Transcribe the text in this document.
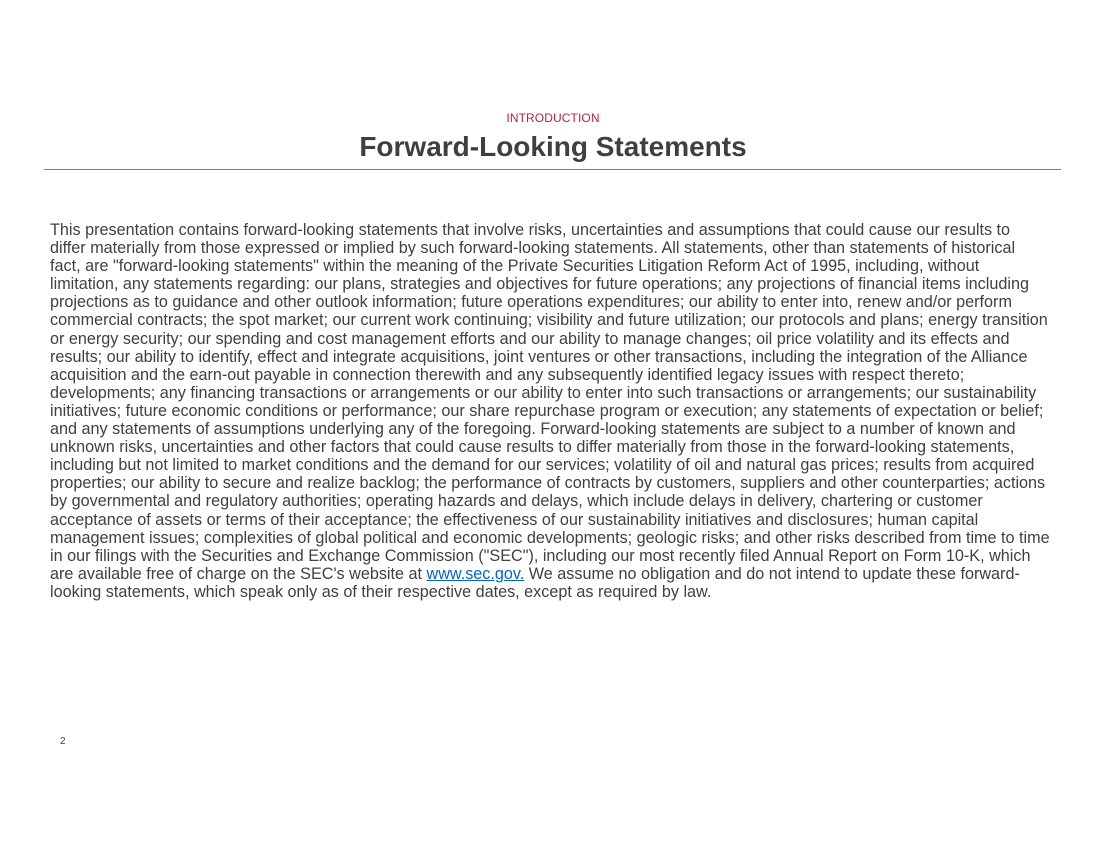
INTRODUCTION
Forward-Looking Statements

This presentation contains forward-looking statements that involve risks, uncertainties and assumptions that could cause our results to differ materially from those expressed or implied by such forward-looking statements. All statements, other than statements of historical fact, are "forward-looking statements" within the meaning of the Private Securities Litigation Reform Act of 1995, including, without limitation, any statements regarding: our plans, strategies and objectives for future operations; any projections of financial items including projections as to guidance and other outlook information; future operations expenditures; our ability to enter into, renew and/or perform commercial contracts; the spot market; our current work continuing; visibility and future utilization; our protocols and plans; energy transition or energy security; our spending and cost management efforts and our ability to manage changes; oil price volatility and its effects and results; our ability to identify, effect and integrate acquisitions, joint ventures or other transactions, including the integration of the Alliance acquisition and the earn-out payable in connection therewith and any subsequently identified legacy issues with respect thereto; developments; any financing transactions or arrangements or our ability to enter into such transactions or arrangements; our sustainability initiatives; future economic conditions or performance; our share repurchase program or execution; any statements of expectation or belief; and any statements of assumptions underlying any of the foregoing. Forward-looking statements are subject to a number of known and unknown risks, uncertainties and other factors that could cause results to differ materially from those in the forward-looking statements, including but not limited to market conditions and the demand for our services; volatility of oil and natural gas prices; results from acquired properties; our ability to secure and realize backlog; the performance of contracts by customers, suppliers and other counterparties; actions by governmental and regulatory authorities; operating hazards and delays, which include delays in delivery, chartering or customer acceptance of assets or terms of their acceptance; the effectiveness of our sustainability initiatives and disclosures; human capital management issues; complexities of global political and economic developments; geologic risks; and other risks described from time to time in our filings with the Securities and Exchange Commission ("SEC"), including our most recently filed Annual Report on Form 10-K, which are available free of charge on the SEC's website at www.sec.gov. We assume no obligation and do not intend to update these forward-looking statements, which speak only as of their respective dates, except as required by law.

2
